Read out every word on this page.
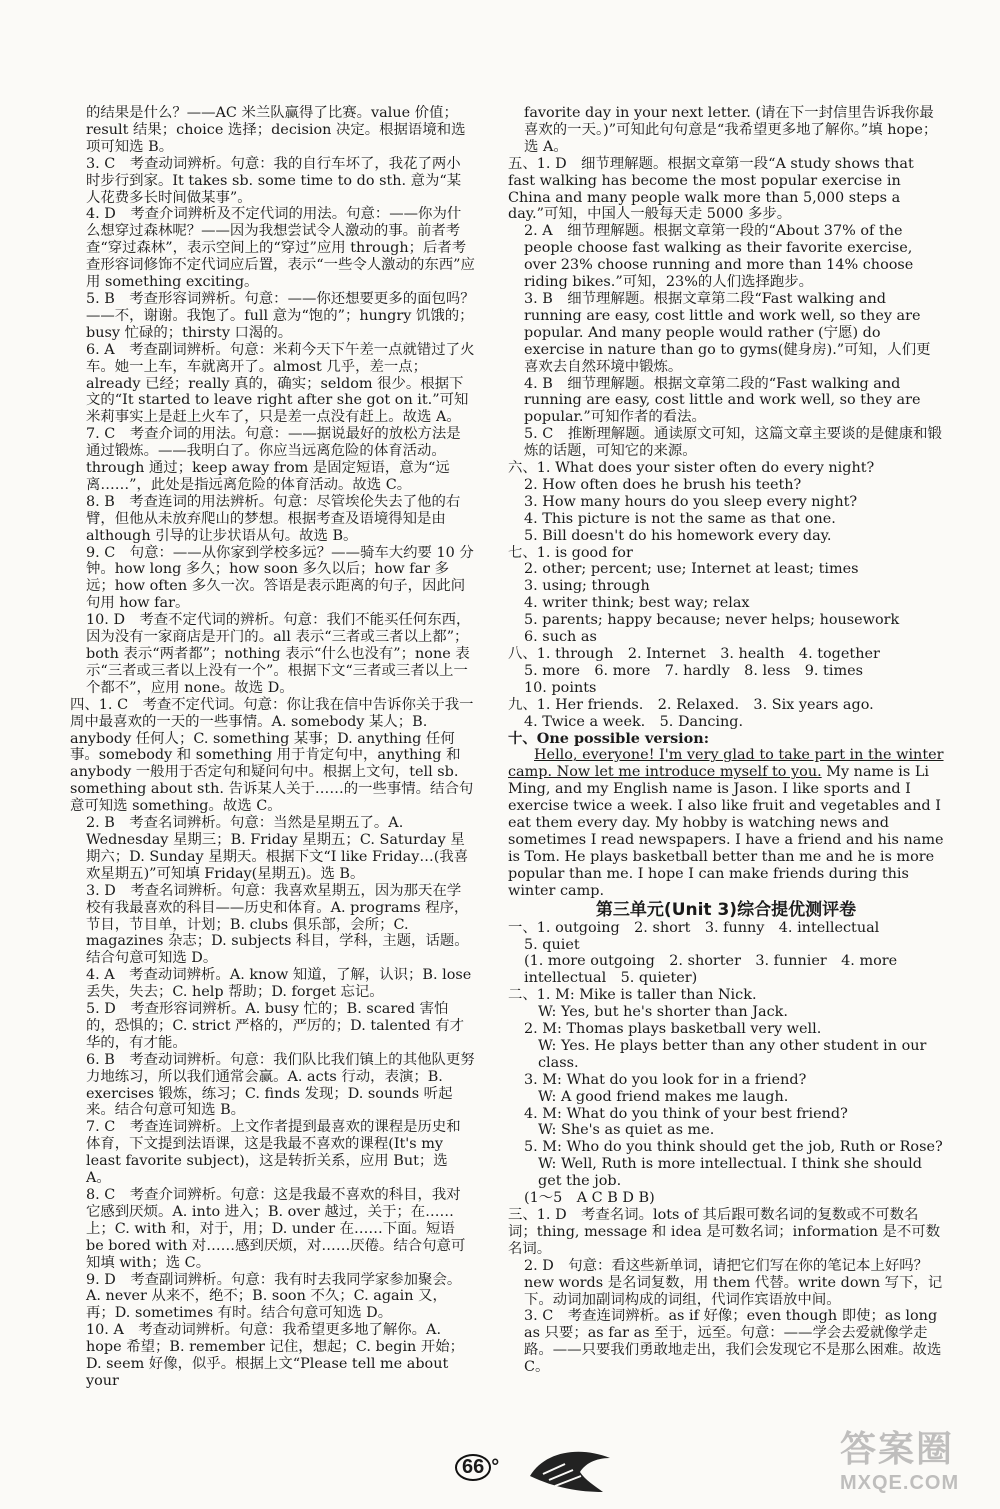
的结果是什么？——AC 米兰队赢得了比赛。value 价值；result 结果；choice 选择；decision 决定。根据语境和选项可知选 B。

3. C　考查动词辨析。句意：我的自行车坏了，我花了两小时步行到家。It takes sb. some time to do sth. 意为“某人花费多长时间做某事”。

4. D　考查介词辨析及不定代词的用法。句意：——你为什么想穿过森林呢？——因为我想尝试令人激动的事。前者考查“穿过森林”，表示空间上的“穿过”应用 through；后者考查形容词修饰不定代词应后置，表示“一些令人激动的东西”应用 something exciting。

5. B　考查形容词辨析。句意：——你还想要更多的面包吗？——不，谢谢。我饱了。full 意为“饱的”；hungry 饥饿的；busy 忙碌的；thirsty 口渴的。

6. A　考查副词辨析。句意：米莉今天下午差一点就错过了火车。她一上车，车就离开了。almost 几乎，差一点；already 已经；really 真的，确实；seldom 很少。根据下文的“It started to leave right after she got on it.”可知米莉事实上是赶上火车了，只是差一点没有赶上。故选 A。

7. C　考查介词的用法。句意：——据说最好的放松方法是通过锻炼。——我明白了。你应当远离危险的体育活动。through 通过；keep away from 是固定短语，意为“远离……”，此处是指远离危险的体育活动。故选 C。

8. B　考查连词的用法辨析。句意：尽管埃伦失去了他的右臂，但他从未放弃爬山的梦想。根据考查及语境得知是由 although 引导的让步状语从句。故选 B。

9. C　句意：——从你家到学校多远？——骑车大约要 10 分钟。how long 多久；how soon 多久以后；how far 多远；how often 多久一次。答语是表示距离的句子，因此问句用 how far。

10. D　考查不定代词的辨析。句意：我们不能买任何东西，因为没有一家商店是开门的。all 表示“三者或三者以上都”；both 表示“两者都”；nothing 表示“什么也没有”；none 表示“三者或三者以上没有一个”。根据下文“三者或三者以上一个都不”，应用 none。故选 D。

四、1. C　考查不定代词。句意：你让我在信中告诉你关于我一周中最喜欢的一天的一些事情。A. somebody 某人；B. anybody 任何人；C. something 某事；D. anything 任何事。somebody 和 something 用于肯定句中，anything 和 anybody 一般用于否定句和疑问句中。根据上文句，tell sb. something about sth. 告诉某人关于……的一些事情。结合句意可知选 something。故选 C。

2. B　考查名词辨析。句意：当然是星期五了。A. Wednesday 星期三；B. Friday 星期五；C. Saturday 星期六；D. Sunday 星期天。根据下文“I like Friday…(我喜欢星期五)”可知填 Friday(星期五)。选 B。

3. D　考查名词辨析。句意：我喜欢星期五，因为那天在学校有我最喜欢的科目——历史和体育。A. programs 程序，节目，节目单，计划；B. clubs 俱乐部，会所；C. magazines 杂志；D. subjects 科目，学科，主题，话题。结合句意可知选 D。

4. A　考查动词辨析。A. know 知道，了解，认识；B. lose 丢失，失去；C. help 帮助；D. forget 忘记。

5. D　考查形容词辨析。A. busy 忙的；B. scared 害怕的，恐惧的；C. strict 严格的，严厉的；D. talented 有才华的，有才能。

6. B　考查动词辨析。句意：我们队比我们镇上的其他队更努力地练习，所以我们通常会赢。A. acts 行动，表演；B. exercises 锻炼，练习；C. finds 发现；D. sounds 听起来。结合句意可知选 B。

7. C　考查连词辨析。上文作者提到最喜欢的课程是历史和体育，下文提到法语课，这是我最不喜欢的课程(It's my least favorite subject)，这是转折关系，应用 But；选 A。

8. C　考查介词辨析。句意：这是我最不喜欢的科目，我对它感到厌烦。A. into 进入；B. over 越过，关于；在……上；C. with 和，对于，用；D. under 在……下面。短语 be bored with 对……感到厌烦，对……厌倦。结合句意可知填 with；选 C。

9. D　考查副词辨析。句意：我有时去我同学家参加聚会。A. never 从来不，绝不；B. soon 不久；C. again 又，再；D. sometimes 有时。结合句意可知选 D。

10. A　考查动词辨析。句意：我希望更多地了解你。A. hope 希望；B. remember 记住，想起；C. begin 开始；D. seem 好像，似乎。根据上文“Please tell me about your

favorite day in your next letter. (请在下一封信里告诉我你最喜欢的一天。)”可知此句句意是“我希望更多地了解你。”填 hope；选 A。

五、1. D　细节理解题。根据文章第一段“A study shows that fast walking has become the most popular exercise in China and many people walk more than 5,000 steps a day.”可知，中国人一般每天走 5000 多步。

2. A　细节理解题。根据文章第一段的“About 37% of the people choose fast walking as their favorite exercise, over 23% choose running and more than 14% choose riding bikes.”可知，23%的人们选择跑步。

3. B　细节理解题。根据文章第二段“Fast walking and running are easy, cost little and work well, so they are popular. And many people would rather (宁愿) do exercise in nature than go to gyms(健身房).”可知，人们更喜欢去自然环境中锻炼。

4. B　细节理解题。根据文章第二段的“Fast walking and running are easy, cost little and work well, so they are popular.”可知作者的看法。

5. C　推断理解题。通读原文可知，这篇文章主要谈的是健康和锻炼的话题，可知它的来源。

六、1. What does your sister often do every night?

2. How often does he brush his teeth?

3. How many hours do you sleep every night?

4. This picture is not the same as that one.

5. Bill doesn't do his homework every day.

七、1. is good for

2. other; percent; use; Internet at least; times

3. using; through

4. writer think; best way; relax

5. parents; happy because; never helps; housework

6. such as

八、1. through　2. Internet　3. health　4. together

5. more　6. more　7. hardly　8. less　9. times

10. points

九、1. Her friends.　2. Relaxed.　3. Six years ago.

4. Twice a week.　5. Dancing.

十、One possible version:

Hello, everyone! I'm very glad to take part in the winter camp. Now let me introduce myself to you. My name is Li Ming, and my English name is Jason. I like sports and I exercise twice a week. I also like fruit and vegetables and I eat them every day. My hobby is watching news and sometimes I read newspapers. I have a friend and his name is Tom. He plays basketball better than me and he is more popular than me. I hope I can make friends during this winter camp.

第三单元(Unit 3)综合提优测评卷

一、1. outgoing　2. short　3. funny　4. intellectual

5. quiet

(1. more outgoing　2. shorter　3. funnier　4. more intellectual　5. quieter)

二、1. M: Mike is taller than Nick.

W: Yes, but he's shorter than Jack.

2. M: Thomas plays basketball very well.

W: Yes. He plays better than any other student in our class.

3. M: What do you look for in a friend?

W: A good friend makes me laugh.

4. M: What do you think of your best friend?

W: She's as quiet as me.

5. M: Who do you think should get the job, Ruth or Rose?

W: Well, Ruth is more intellectual. I think she should get the job.

(1～5　A C B D B)

三、1. D　考查名词。lots of 其后跟可数名词的复数或不可数名词；thing, message 和 idea 是可数名词；information 是不可数名词。

2. D　句意：看这些新单词，请把它们写在你的笔记本上好吗？new words 是名词复数，用 them 代替。write down 写下，记下。动词加副词构成的词组，代词作宾语放中间。

3. C　考查连词辨析。as if 好像；even though 即使；as long as 只要；as far as 至于，远至。句意：——学会去爱就像学走路。——只要我们勇敢地走出，我们会发现它不是那么困难。故选 C。

66 °	答案圈
MXQE.COM
